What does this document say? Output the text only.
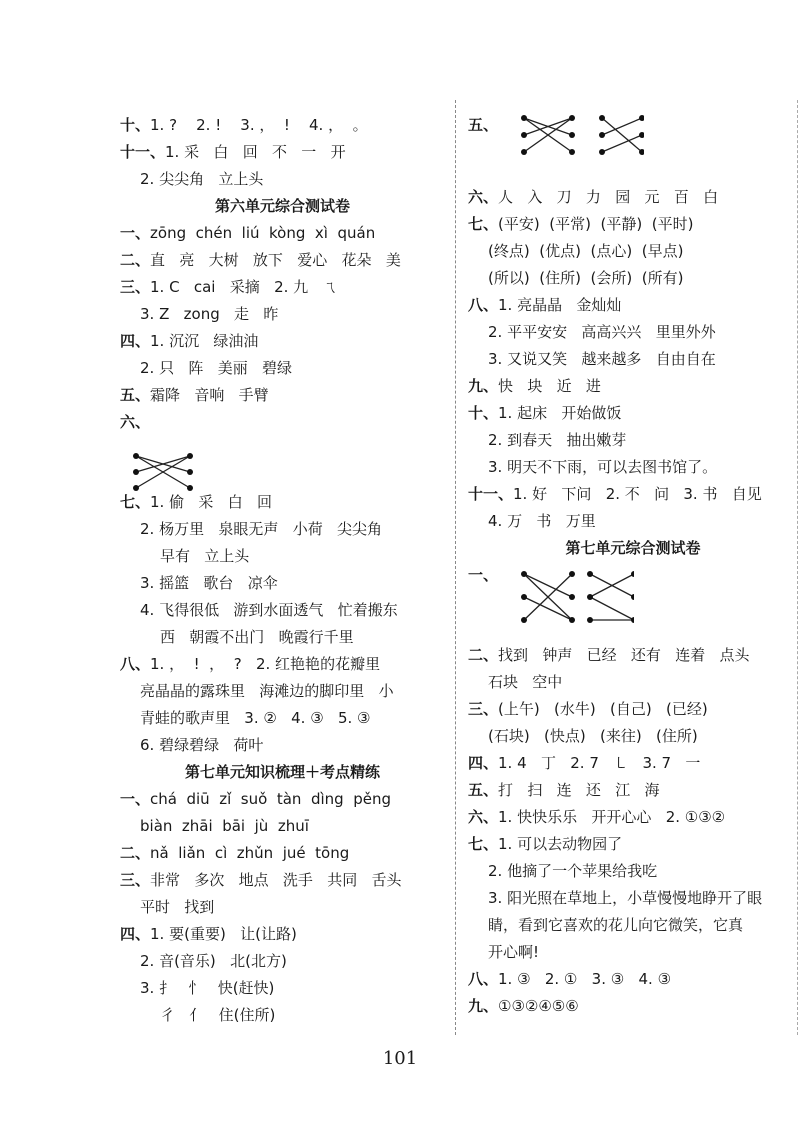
十、1. ?    2. !    3. ，  !    4. ，  。
十一、1. 采   白   回   不   一   开
2. 尖尖角   立上头
第六单元综合测试卷
一、zōng  chén  liú  kòng  xì  quán
二、直   亮   大树   放下   爱心   花朵   美
三、1. C   cai   采摘   2. 九   ㄟ
3. Z   zong   走   昨
四、1. 沉沉   绿油油
2. 只   阵   美丽   碧绿
五、霜降   音响   手臂
六、
七、1. 偷   采   白   回
2. 杨万里   泉眼无声   小荷   尖尖角
早有   立上头
3. 摇篮   歌台   凉伞
4. 飞得很低   游到水面透气   忙着搬东
西   朝霞不出门   晚霞行千里
八、1. ，  !  ，  ?   2. 红艳艳的花瓣里
亮晶晶的露珠里   海滩边的脚印里   小
青蛙的歌声里   3. ②   4. ③   5. ③
6. 碧绿碧绿   荷叶
第七单元知识梳理＋考点精练
一、chá  diū  zǐ  suǒ  tàn  dìng  pěng
biàn  zhāi  bāi  jù  zhuī
二、nǎ  liǎn  cì  zhǔn  jué  tōng
三、非常   多次   地点   洗手   共同   舌头
平时   找到
四、1. 要(重要)   让(让路)
2. 音(音乐)   北(北方)
3. 扌   忄   快(赶快)
彳   亻   住(住所)
五、
六、人   入   刀   力   园   元   百   白
七、(平安)  (平常)  (平静)  (平时)
(终点)  (优点)  (点心)  (早点)
(所以)  (住所)  (会所)  (所有)
八、1. 亮晶晶   金灿灿
2. 平平安安   高高兴兴   里里外外
3. 又说又笑   越来越多   自由自在
九、快   块   近   进
十、1. 起床   开始做饭
2. 到春天   抽出嫩芽
3. 明天不下雨，可以去图书馆了。
十一、1. 好   下问   2. 不   问   3. 书   自见
4. 万   书   万里
第七单元综合测试卷
一、
二、找到   钟声   已经   还有   连着   点头
石块   空中
三、(上午)   (水牛)   (自己)   (已经)
(石块)   (快点)   (来往)   (住所)
四、1. 4   丁   2. 7   ㇄   3. 7   一
五、打   扫   连   还   江   海
六、1. 快快乐乐   开开心心   2. ①③②
七、1. 可以去动物园了
2. 他摘了一个苹果给我吃
3. 阳光照在草地上，小草慢慢地睁开了眼
睛，看到它喜欢的花儿向它微笑，它真
开心啊!
八、1. ③   2. ①   3. ③   4. ③
九、①③②④⑤⑥
101
